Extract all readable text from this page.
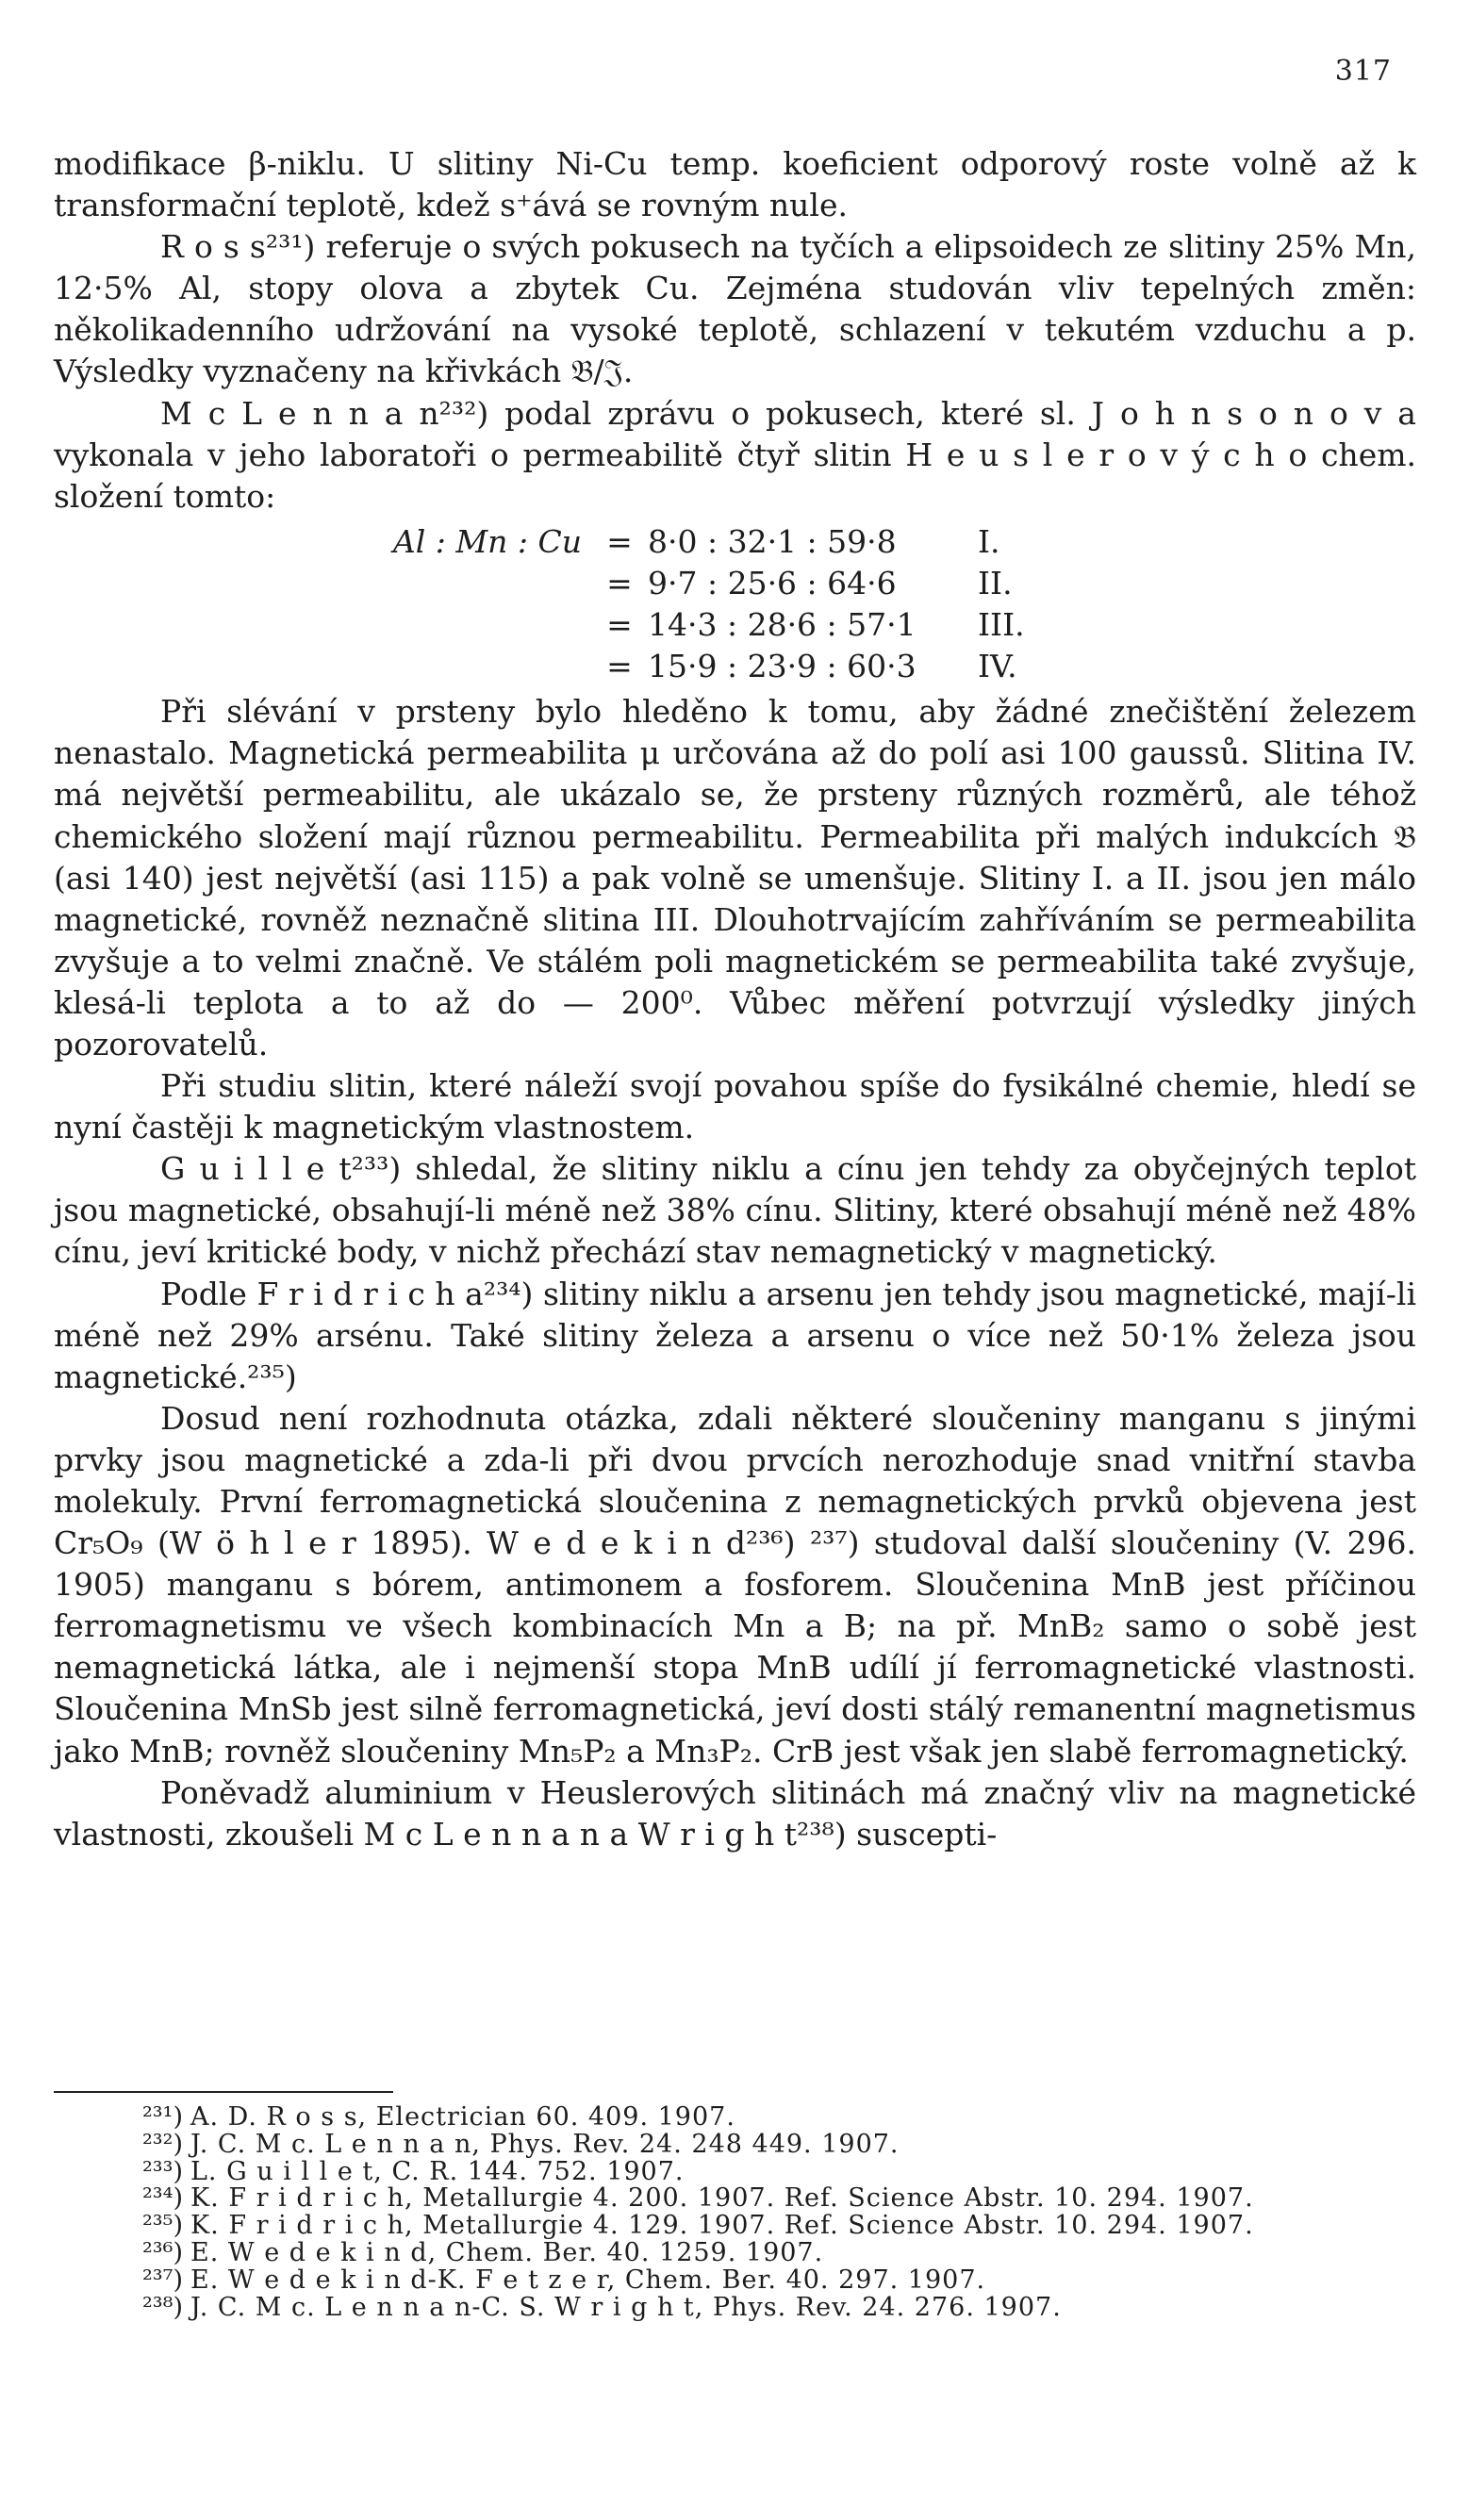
317

modifikace β-niklu. U slitiny Ni-Cu temp. koeficient odporový roste volně až k transformační teplotě, kdež s⁺ává se rovným nule.

R o s s²³¹) referuje o svých pokusech na tyčích a elipsoidech ze slitiny 25% Mn, 12·5% Al, stopy olova a zbytek Cu. Zejména studován vliv tepelných změn: několikadenního udržování na vysoké teplotě, schlazení v tekutém vzduchu a p. Výsledky vyznačeny na křivkách 𝔅/𝔍.

M c L e n n a n²³²) podal zprávu o pokusech, které sl. J o h n s o n o v a vykonala v jeho laboratoři o permeabilitě čtyř slitin H e u s l e r o v ý c h o chem. složení tomto:

Al : Mn : Cu = 8·0 : 32·1 : 59·8	I.
= 9·7 : 25·6 : 64·6	II.
= 14·3 : 28·6 : 57·1	III.
= 15·9 : 23·9 : 60·3	IV.

Při slévání v prsteny bylo hleděno k tomu, aby žádné znečištění železem nenastalo. Magnetická permeabilita μ určována až do polí asi 100 gaussů. Slitina IV. má největší permeabilitu, ale ukázalo se, že prsteny různých rozměrů, ale téhož chemického složení mají různou permeabilitu. Permeabilita při malých indukcích 𝔅 (asi 140) jest největší (asi 115) a pak volně se umenšuje. Slitiny I. a II. jsou jen málo magnetické, rovněž neznačně slitina III. Dlouhotrvajícím zahříváním se permeabilita zvyšuje a to velmi značně. Ve stálém poli magnetickém se permeabilita také zvyšuje, klesá-li teplota a to až do — 200⁰. Vůbec měření potvrzují výsledky jiných pozorovatelů.

Při studiu slitin, které náleží svojí povahou spíše do fysikálné chemie, hledí se nyní častěji k magnetickým vlastnostem.

G u i l l e t²³³) shledal, že slitiny niklu a cínu jen tehdy za obyčejných teplot jsou magnetické, obsahují-li méně než 38% cínu. Slitiny, které obsahují méně než 48% cínu, jeví kritické body, v nichž přechází stav nemagnetický v magnetický.

Podle F r i d r i c h a²³⁴) slitiny niklu a arsenu jen tehdy jsou magnetické, mají-li méně než 29% arsénu. Také slitiny železa a arsenu o více než 50·1% železa jsou magnetické.²³⁵)

Dosud není rozhodnuta otázka, zdali některé sloučeniny manganu s jinými prvky jsou magnetické a zda-li při dvou prvcích nerozhoduje snad vnitřní stavba molekuly. První ferromagnetická sloučenina z nemagnetických prvků objevena jest Cr₅O₉ (W ö h l e r 1895). W e d e k i n d²³⁶) ²³⁷) studoval další sloučeniny (V. 296. 1905) manganu s bórem, antimonem a fosforem. Sloučenina MnB jest příčinou ferromagnetismu ve všech kombinacích Mn a B; na př. MnB₂ samo o sobě jest nemagnetická látka, ale i nejmenší stopa MnB udílí jí ferromagnetické vlastnosti. Sloučenina MnSb jest silně ferromagnetická, jeví dosti stálý remanentní magnetismus jako MnB; rovněž sloučeniny Mn₅P₂ a Mn₃P₂. CrB jest však jen slabě ferromagnetický.

Poněvadž aluminium v Heuslerových slitinách má značný vliv na magnetické vlastnosti, zkoušeli M c L e n n a n a W r i g h t²³⁸) suscepti-

²³¹) A. D. R o s s, Electrician 60. 409. 1907.
²³²) J. C. M c. L e n n a n, Phys. Rev. 24. 248 449. 1907.
²³³) L. G u i l l e t, C. R. 144. 752. 1907.
²³⁴) K. F r i d r i c h, Metallurgie 4. 200. 1907. Ref. Science Abstr. 10. 294. 1907.
²³⁵) K. F r i d r i c h, Metallurgie 4. 129. 1907. Ref. Science Abstr. 10. 294. 1907.
²³⁶) E. W e d e k i n d, Chem. Ber. 40. 1259. 1907.
²³⁷) E. W e d e k i n d-K. F e t z e r, Chem. Ber. 40. 297. 1907.
²³⁸) J. C. M c. L e n n a n-C. S. W r i g h t, Phys. Rev. 24. 276. 1907.
